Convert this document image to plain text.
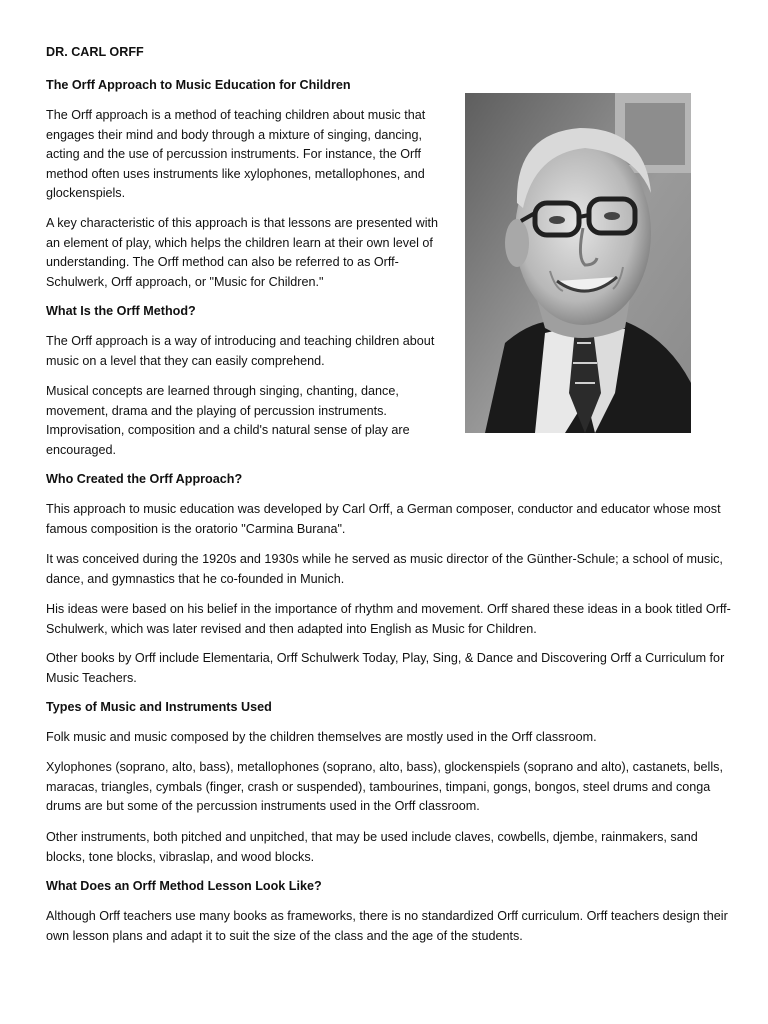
DR. CARL ORFF

The Orff Approach to Music Education for Children

The Orff approach is a method of teaching children about music that engages their mind and body through a mixture of singing, dancing, acting and the use of percussion instruments. For instance, the Orff method often uses instruments like xylophones, metallophones, and glockenspiels.

A key characteristic of this approach is that lessons are presented with an element of play, which helps the children learn at their own level of understanding. The Orff method can also be referred to as Orff-Schulwerk, Orff approach, or "Music for Children."

What Is the Orff Method?

The Orff approach is a way of introducing and teaching children about music on a level that they can easily comprehend.

Musical concepts are learned through singing, chanting, dance, movement, drama and the playing of percussion instruments. Improvisation, composition and a child's natural sense of play are encouraged.

Who Created the Orff Approach?

This approach to music education was developed by Carl Orff, a German composer, conductor and educator whose most famous composition is the oratorio "Carmina Burana".

It was conceived during the 1920s and 1930s while he served as music director of the Günther-Schule; a school of music, dance, and gymnastics that he co-founded in Munich.

His ideas were based on his belief in the importance of rhythm and movement. Orff shared these ideas in a book titled Orff-Schulwerk, which was later revised and then adapted into English as Music for Children.

Other books by Orff include Elementaria, Orff Schulwerk Today, Play, Sing, & Dance and Discovering Orff a Curriculum for Music Teachers.

Types of Music and Instruments Used

Folk music and music composed by the children themselves are mostly used in the Orff classroom.

Xylophones (soprano, alto, bass), metallophones (soprano, alto, bass), glockenspiels (soprano and alto), castanets, bells, maracas, triangles, cymbals (finger, crash or suspended), tambourines, timpani, gongs, bongos, steel drums and conga drums are but some of the percussion instruments used in the Orff classroom.

Other instruments, both pitched and unpitched, that may be used include claves, cowbells, djembe, rainmakers, sand blocks, tone blocks, vibraslap, and wood blocks.

What Does an Orff Method Lesson Look Like?

Although Orff teachers use many books as frameworks, there is no standardized Orff curriculum. Orff teachers design their own lesson plans and adapt it to suit the size of the class and the age of the students.
